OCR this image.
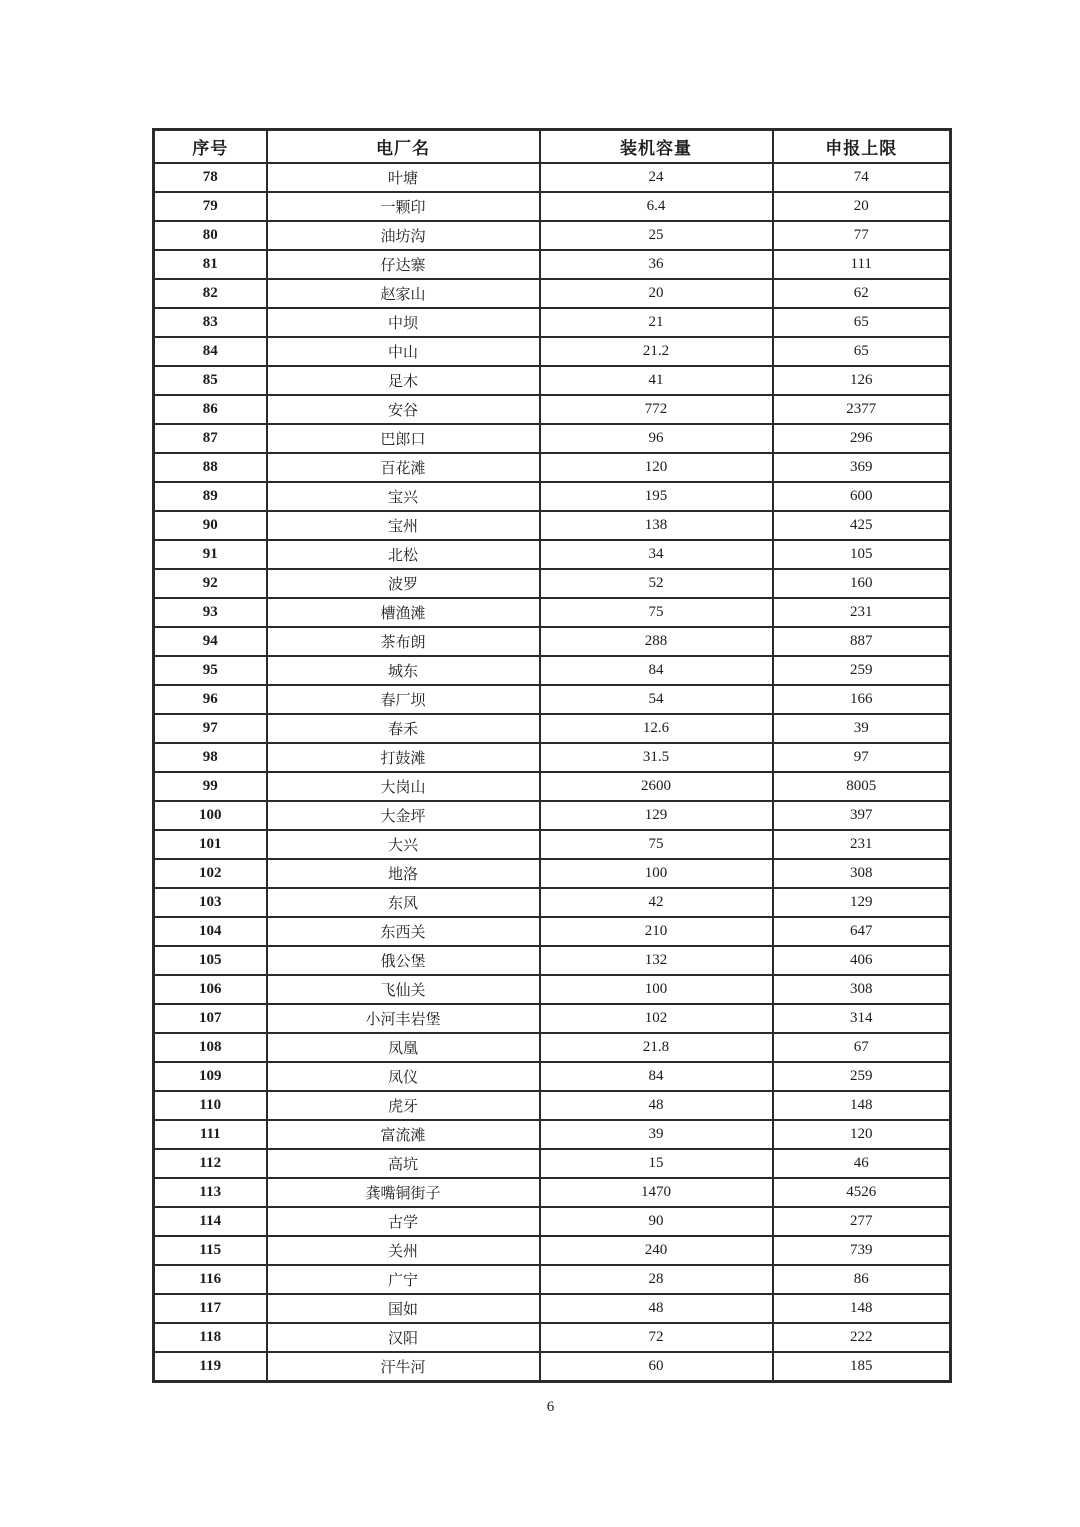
序号	电厂名	装机容量	申报上限
78	叶塘	24	74
79	一颗印	6.4	20
80	油坊沟	25	77
81	仔达寨	36	111
82	赵家山	20	62
83	中坝	21	65
84	中山	21.2	65
85	足木	41	126
86	安谷	772	2377
87	巴郎口	96	296
88	百花滩	120	369
89	宝兴	195	600
90	宝州	138	425
91	北松	34	105
92	波罗	52	160
93	槽渔滩	75	231
94	茶布朗	288	887
95	城东	84	259
96	春厂坝	54	166
97	春禾	12.6	39
98	打鼓滩	31.5	97
99	大岗山	2600	8005
100	大金坪	129	397
101	大兴	75	231
102	地洛	100	308
103	东风	42	129
104	东西关	210	647
105	俄公堡	132	406
106	飞仙关	100	308
107	小河丰岩堡	102	314
108	凤凰	21.8	67
109	凤仪	84	259
110	虎牙	48	148
111	富流滩	39	120
112	高坑	15	46
113	龚嘴铜街子	1470	4526
114	古学	90	277
115	关州	240	739
116	广宁	28	86
117	国如	48	148
118	汉阳	72	222
119	汗牛河	60	185
6
